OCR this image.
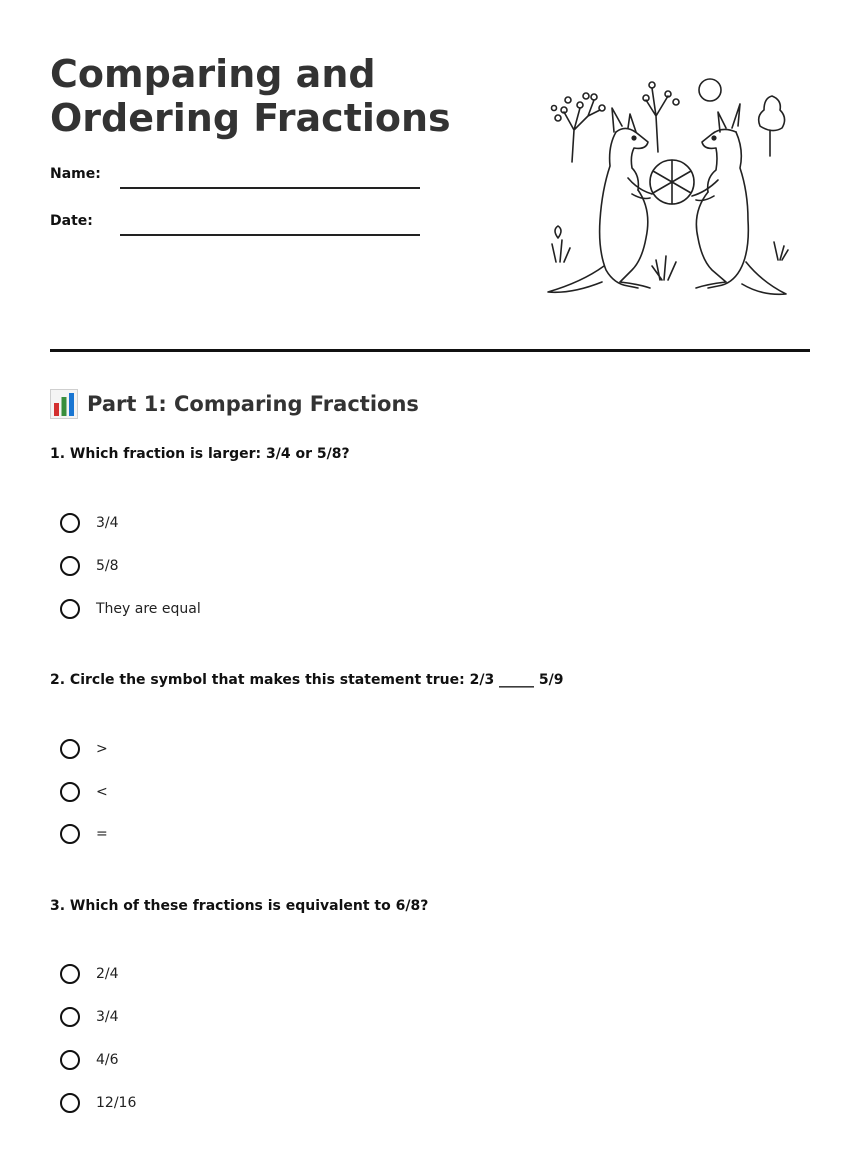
Comparing and
Ordering Fractions
Name:
Date:
Part 1: Comparing Fractions
1. Which fraction is larger: 3/4 or 5/8?
3/4
5/8
They are equal
2. Circle the symbol that makes this statement true: 2/3 _____ 5/9
>
<
=
3. Which of these fractions is equivalent to 6/8?
2/4
3/4
4/6
12/16
